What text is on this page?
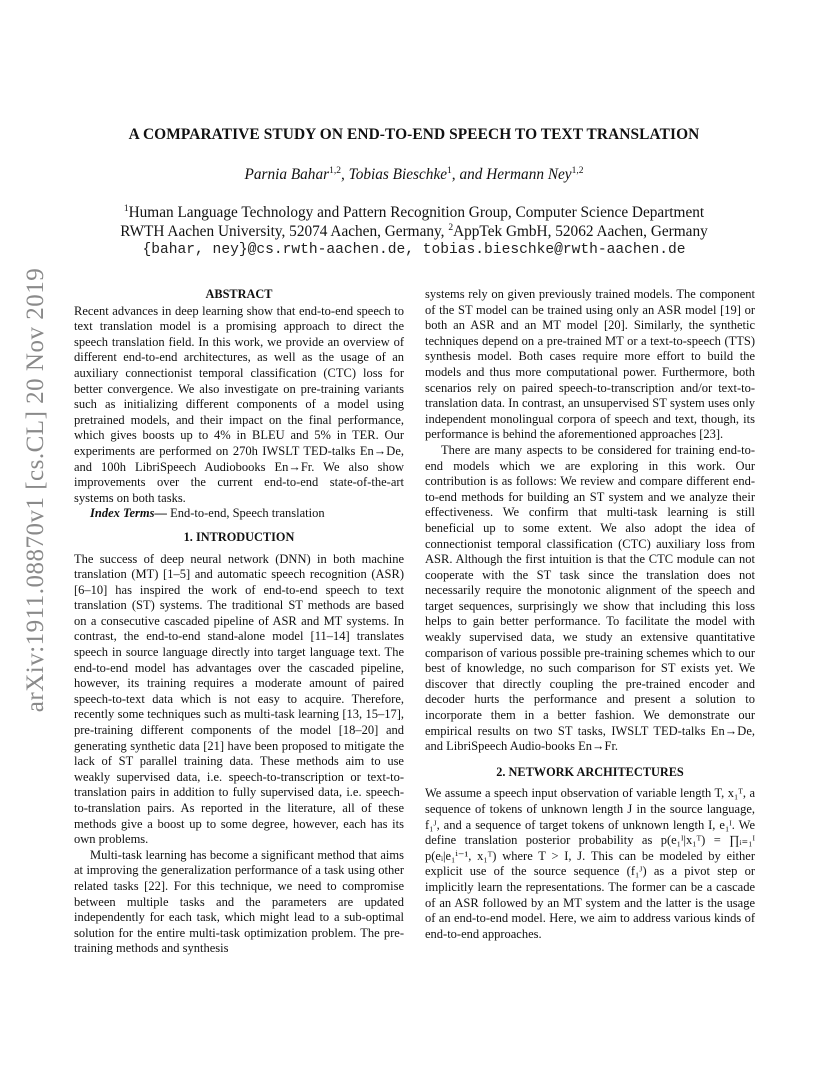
arXiv:1911.08870v1 [cs.CL] 20 Nov 2019
A COMPARATIVE STUDY ON END-TO-END SPEECH TO TEXT TRANSLATION
Parnia Bahar$^{1,2}$, Tobias Bieschke$^1$, and Hermann Ney$^{1,2}$
$^1$Human Language Technology and Pattern Recognition Group, Computer Science Department
RWTH Aachen University, 52074 Aachen, Germany, $^2$AppTek GmbH, 52062 Aachen, Germany
{bahar, ney}@cs.rwth-aachen.de, tobias.bieschke@rwth-aachen.de
ABSTRACT

Recent advances in deep learning show that end-to-end speech to text translation model is a promising approach to direct the speech translation field. In this work, we provide an overview of different end-to-end architectures, as well as the usage of an auxiliary connectionist temporal classification (CTC) loss for better convergence. We also investigate on pre-training variants such as initializing different components of a model using pretrained models, and their impact on the final performance, which gives boosts up to 4% in BLEU and 5% in TER. Our experiments are performed on 270h IWSLT TED-talks En→De, and 100h LibriSpeech Audiobooks En→Fr. We also show improvements over the current end-to-end state-of-the-art systems on both tasks.

Index Terms— End-to-end, Speech translation

1. INTRODUCTION

The success of deep neural network (DNN) in both machine translation (MT) [1–5] and automatic speech recognition (ASR) [6–10] has inspired the work of end-to-end speech to text translation (ST) systems. The traditional ST methods are based on a consecutive cascaded pipeline of ASR and MT systems. In contrast, the end-to-end stand-alone model [11–14] translates speech in source language directly into target language text. The end-to-end model has advantages over the cascaded pipeline, however, its training requires a moderate amount of paired speech-to-text data which is not easy to acquire. Therefore, recently some techniques such as multi-task learning [13, 15–17], pre-training different components of the model [18–20] and generating synthetic data [21] have been proposed to mitigate the lack of ST parallel training data. These methods aim to use weakly supervised data, i.e. speech-to-transcription or text-to-translation pairs in addition to fully supervised data, i.e. speech-to-translation pairs. As reported in the literature, all of these methods give a boost up to some degree, however, each has its own problems.

Multi-task learning has become a significant method that aims at improving the generalization performance of a task using other related tasks [22]. For this technique, we need to compromise between multiple tasks and the parameters are updated independently for each task, which might lead to a sub-optimal solution for the entire multi-task optimization problem. The pre-training methods and synthesis

systems rely on given previously trained models. The component of the ST model can be trained using only an ASR model [19] or both an ASR and an MT model [20]. Similarly, the synthetic techniques depend on a pre-trained MT or a text-to-speech (TTS) synthesis model. Both cases require more effort to build the models and thus more computational power. Furthermore, both scenarios rely on paired speech-to-transcription and/or text-to-translation data. In contrast, an unsupervised ST system uses only independent monolingual corpora of speech and text, though, its performance is behind the aforementioned approaches [23].

There are many aspects to be considered for training end-to-end models which we are exploring in this work. Our contribution is as follows: We review and compare different end-to-end methods for building an ST system and we analyze their effectiveness. We confirm that multi-task learning is still beneficial up to some extent. We also adopt the idea of connectionist temporal classification (CTC) auxiliary loss from ASR. Although the first intuition is that the CTC module can not cooperate with the ST task since the translation does not necessarily require the monotonic alignment of the speech and target sequences, surprisingly we show that including this loss helps to gain better performance. To facilitate the model with weakly supervised data, we study an extensive quantitative comparison of various possible pre-training schemes which to our best of knowledge, no such comparison for ST exists yet. We discover that directly coupling the pre-trained encoder and decoder hurts the performance and present a solution to incorporate them in a better fashion. We demonstrate our empirical results on two ST tasks, IWSLT TED-talks En→De, and LibriSpeech Audio-books En→Fr.

2. NETWORK ARCHITECTURES

We assume a speech input observation of variable length T, x₁ᵀ, a sequence of tokens of unknown length J in the source language, f₁ᴶ, and a sequence of target tokens of unknown length I, e₁ᴵ. We define translation posterior probability as p(e₁ᴵ|x₁ᵀ) = ∏ᵢ₌₁ᴵ p(eᵢ|e₁ⁱ⁻¹, x₁ᵀ) where T > I, J. This can be modeled by either explicit use of the source sequence (f₁ᴶ) as a pivot step or implicitly learn the representations. The former can be a cascade of an ASR followed by an MT system and the latter is the usage of an end-to-end model. Here, we aim to address various kinds of end-to-end approaches.
